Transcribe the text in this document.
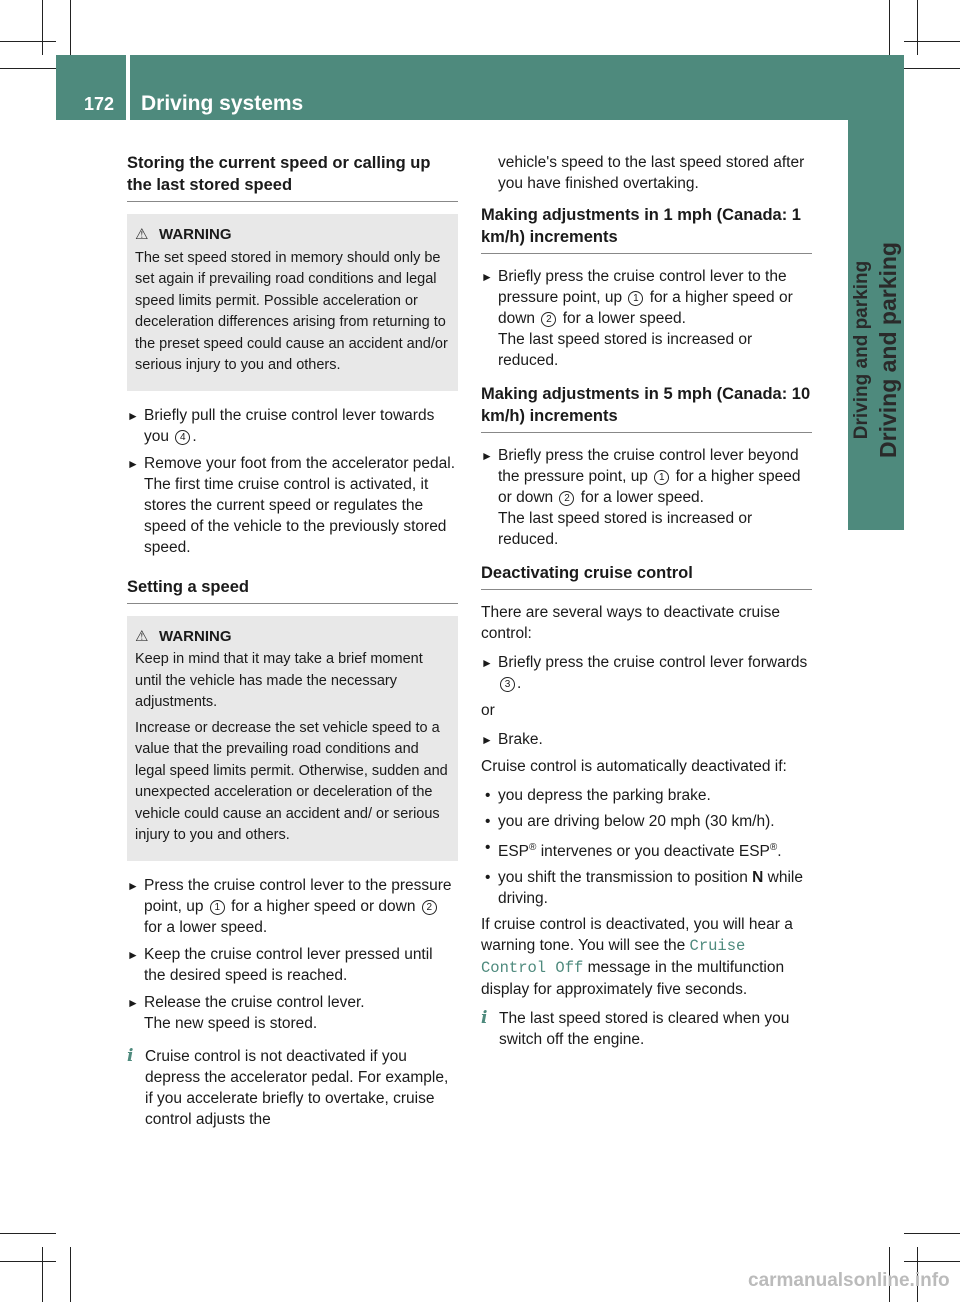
172	Driving systems
Driving and parking Driving and parking
Storing the current speed or calling up the last stored speed
⚠ WARNING

The set speed stored in memory should only be set again if prevailing road conditions and legal speed limits permit. Possible acceleration or deceleration differences arising from returning to the preset speed could cause an accident and/or serious injury to you and others.

► Briefly pull the cruise control lever towards you 4 .
► Remove your foot from the accelerator pedal.
The first time cruise control is activated, it stores the current speed or regulates the speed of the vehicle to the previously stored speed.
Setting a speed
⚠ WARNING

Keep in mind that it may take a brief moment until the vehicle has made the necessary adjustments.

Increase or decrease the set vehicle speed to a value that the prevailing road conditions and legal speed limits permit. Otherwise, sudden and unexpected acceleration or deceleration of the vehicle could cause an accident and/ or serious injury to you and others.

► Press the cruise control lever to the pressure point, up 1 for a higher speed or down 2 for a lower speed.
► Keep the cruise control lever pressed until the desired speed is reached.
► Release the cruise control lever.
The new speed is stored.
i Cruise control is not deactivated if you depress the accelerator pedal. For example, if you accelerate briefly to overtake, cruise control adjusts the
vehicle's speed to the last speed stored after you have finished overtaking.
Making adjustments in 1 mph (Canada: 1 km/h) increments
► Briefly press the cruise control lever to the pressure point, up 1 for a higher speed or down 2 for a lower speed.
The last speed stored is increased or reduced.
Making adjustments in 5 mph (Canada: 10 km/h) increments
► Briefly press the cruise control lever beyond the pressure point, up 1 for a higher speed or down 2 for a lower speed.
The last speed stored is increased or reduced.
Deactivating cruise control
There are several ways to deactivate cruise control:
► Briefly press the cruise control lever forwards 3 .
or
► Brake.
Cruise control is automatically deactivated if:
• you depress the parking brake.
• you are driving below 20 mph (30 km/h).
• ESP® intervenes or you deactivate ESP®.
• you shift the transmission to position N while driving.
If cruise control is deactivated, you will hear a warning tone. You will see the Cruise Control Off message in the multifunction display for approximately five seconds.
i The last speed stored is cleared when you switch off the engine.
carmanualsonline.info
